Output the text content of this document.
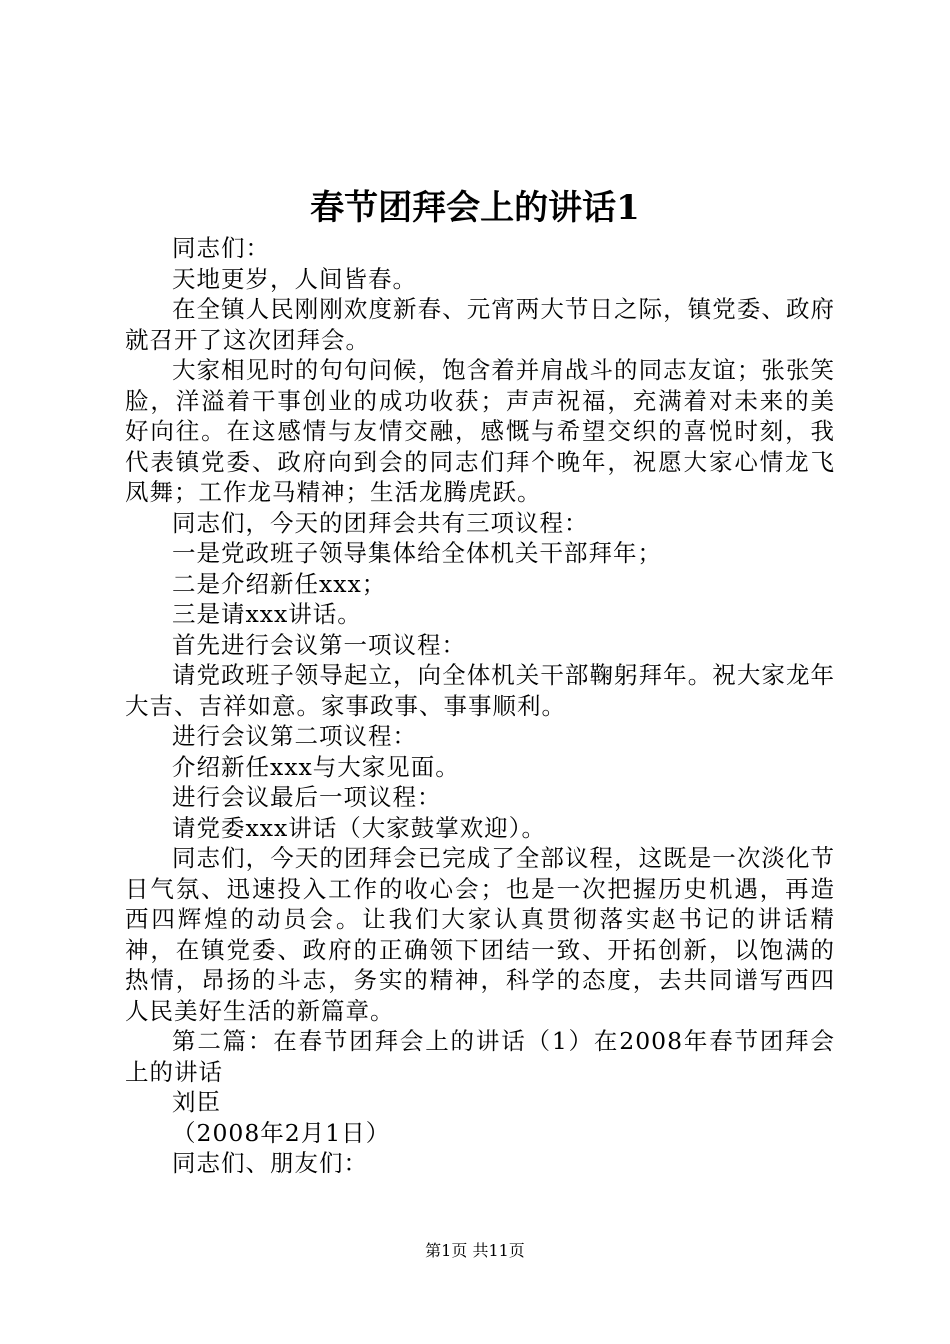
春节团拜会上的讲话1

同志们：

天地更岁，人间皆春。

在全镇人民刚刚欢度新春、元宵两大节日之际，镇党委、政府就召开了这次团拜会。

大家相见时的句句问候，饱含着并肩战斗的同志友谊；张张笑脸，洋溢着干事创业的成功收获；声声祝福，充满着对未来的美好向往。在这感情与友情交融，感慨与希望交织的喜悦时刻，我代表镇党委、政府向到会的同志们拜个晚年，祝愿大家心情龙飞凤舞；工作龙马精神；生活龙腾虎跃。

同志们，今天的团拜会共有三项议程：

一是党政班子领导集体给全体机关干部拜年；

二是介绍新任xxx；

三是请xxx讲话。

首先进行会议第一项议程：

请党政班子领导起立，向全体机关干部鞠躬拜年。祝大家龙年大吉、吉祥如意。家事政事、事事顺利。

进行会议第二项议程：

介绍新任xxx与大家见面。

进行会议最后一项议程：

请党委xxx讲话（大家鼓掌欢迎）。

同志们，今天的团拜会已完成了全部议程，这既是一次淡化节日气氛、迅速投入工作的收心会；也是一次把握历史机遇，再造西四辉煌的动员会。让我们大家认真贯彻落实赵书记的讲话精神，在镇党委、政府的正确领下团结一致、开拓创新，以饱满的热情，昂扬的斗志，务实的精神，科学的态度，去共同谱写西四人民美好生活的新篇章。

第二篇：在春节团拜会上的讲话（1）在2008年春节团拜会上的讲话

刘臣

（2008年2月1日）

同志们、朋友们：

第1页 共11页
